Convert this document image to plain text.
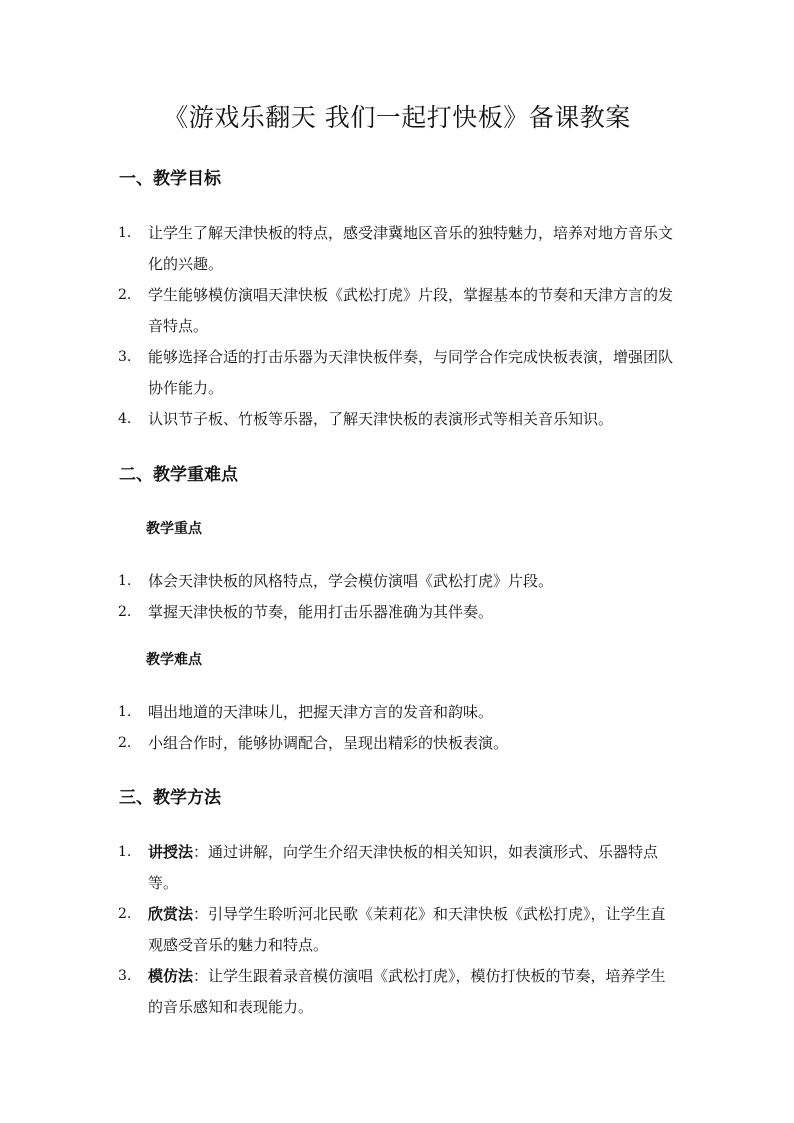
《游戏乐翻天 我们一起打快板》备课教案
一、教学目标
1. 让学生了解天津快板的特点，感受津冀地区音乐的独特魅力，培养对地方音乐文化的兴趣。
2. 学生能够模仿演唱天津快板《武松打虎》片段，掌握基本的节奏和天津方言的发音特点。
3. 能够选择合适的打击乐器为天津快板伴奏，与同学合作完成快板表演，增强团队协作能力。
4. 认识节子板、竹板等乐器，了解天津快板的表演形式等相关音乐知识。
二、教学重难点
教学重点
1. 体会天津快板的风格特点，学会模仿演唱《武松打虎》片段。
2. 掌握天津快板的节奏，能用打击乐器准确为其伴奏。
教学难点
1. 唱出地道的天津味儿，把握天津方言的发音和韵味。
2. 小组合作时，能够协调配合，呈现出精彩的快板表演。
三、教学方法
1. 讲授法：通过讲解，向学生介绍天津快板的相关知识，如表演形式、乐器特点等。
2. 欣赏法：引导学生聆听河北民歌《茉莉花》和天津快板《武松打虎》，让学生直观感受音乐的魅力和特点。
3. 模仿法：让学生跟着录音模仿演唱《武松打虎》，模仿打快板的节奏，培养学生的音乐感知和表现能力。
